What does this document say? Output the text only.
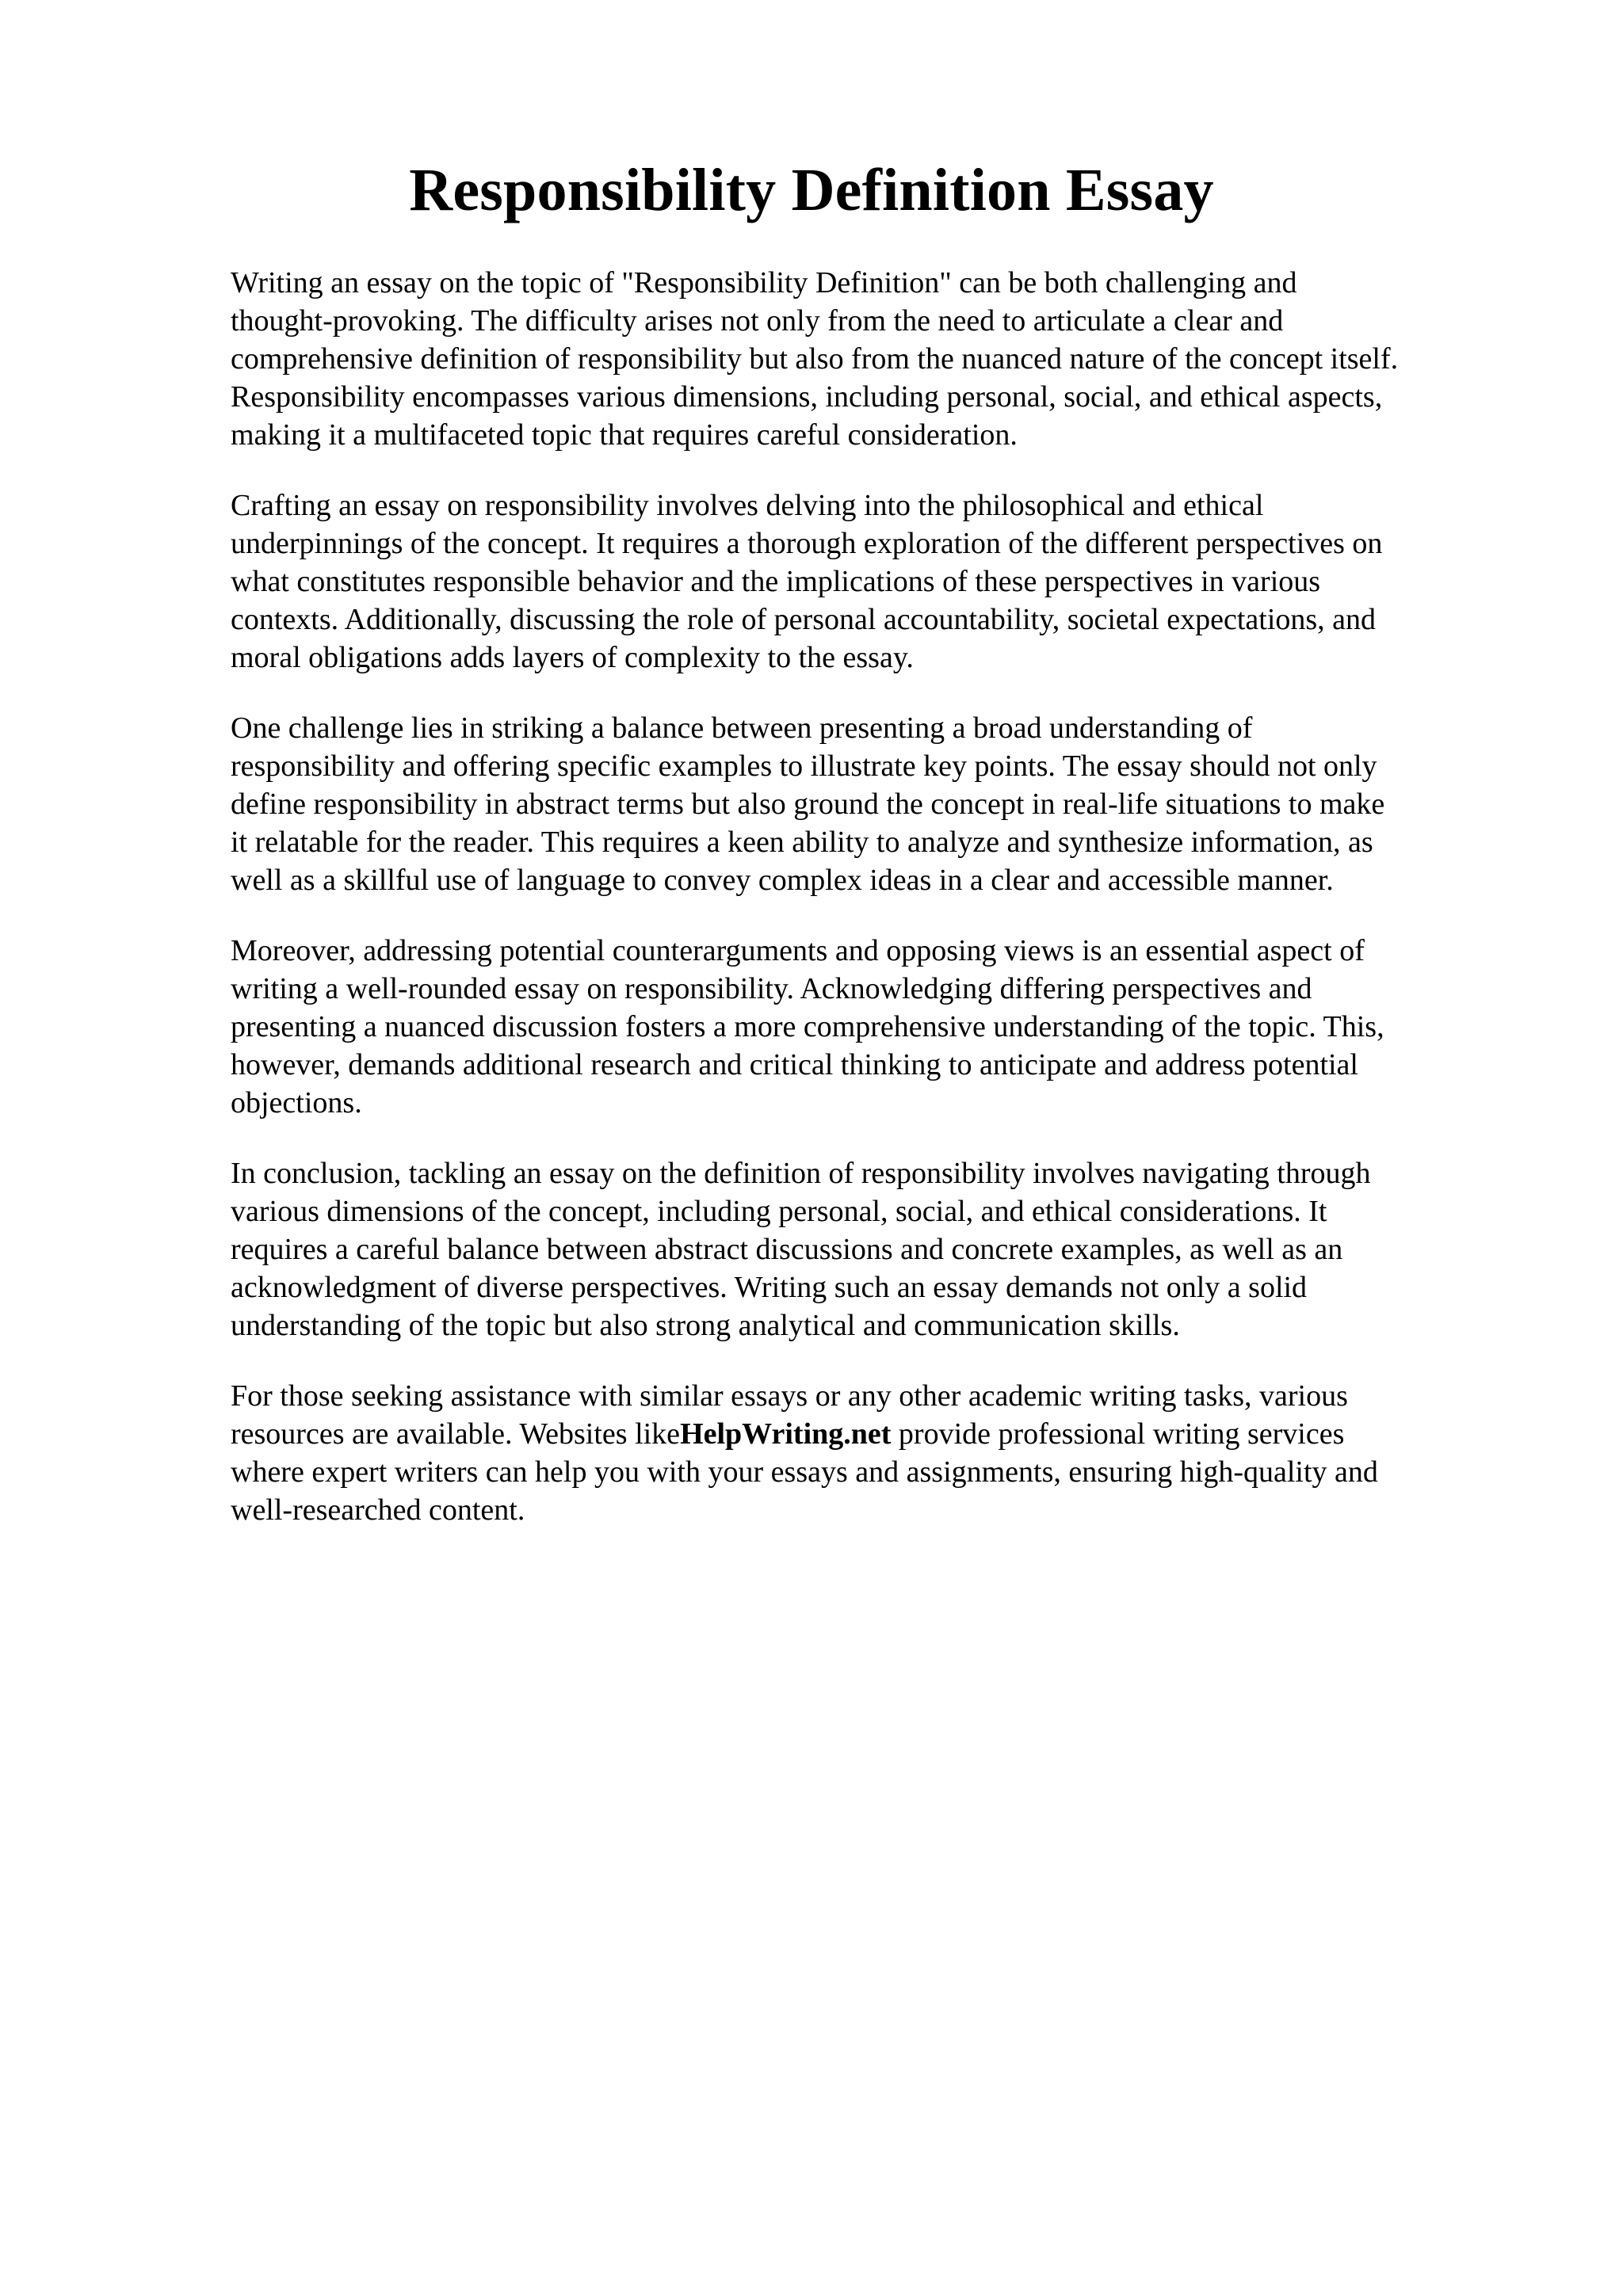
Responsibility Definition Essay

Writing an essay on the topic of "Responsibility Definition" can be both challenging and
thought-provoking. The difficulty arises not only from the need to articulate a clear and
comprehensive definition of responsibility but also from the nuanced nature of the concept itself.
Responsibility encompasses various dimensions, including personal, social, and ethical aspects,
making it a multifaceted topic that requires careful consideration.

Crafting an essay on responsibility involves delving into the philosophical and ethical
underpinnings of the concept. It requires a thorough exploration of the different perspectives on
what constitutes responsible behavior and the implications of these perspectives in various
contexts. Additionally, discussing the role of personal accountability, societal expectations, and
moral obligations adds layers of complexity to the essay.

One challenge lies in striking a balance between presenting a broad understanding of
responsibility and offering specific examples to illustrate key points. The essay should not only
define responsibility in abstract terms but also ground the concept in real-life situations to make
it relatable for the reader. This requires a keen ability to analyze and synthesize information, as
well as a skillful use of language to convey complex ideas in a clear and accessible manner.

Moreover, addressing potential counterarguments and opposing views is an essential aspect of
writing a well-rounded essay on responsibility. Acknowledging differing perspectives and
presenting a nuanced discussion fosters a more comprehensive understanding of the topic. This,
however, demands additional research and critical thinking to anticipate and address potential
objections.

In conclusion, tackling an essay on the definition of responsibility involves navigating through
various dimensions of the concept, including personal, social, and ethical considerations. It
requires a careful balance between abstract discussions and concrete examples, as well as an
acknowledgment of diverse perspectives. Writing such an essay demands not only a solid
understanding of the topic but also strong analytical and communication skills.

For those seeking assistance with similar essays or any other academic writing tasks, various
resources are available. Websites likeHelpWriting.net provide professional writing services
where expert writers can help you with your essays and assignments, ensuring high-quality and
well-researched content.
